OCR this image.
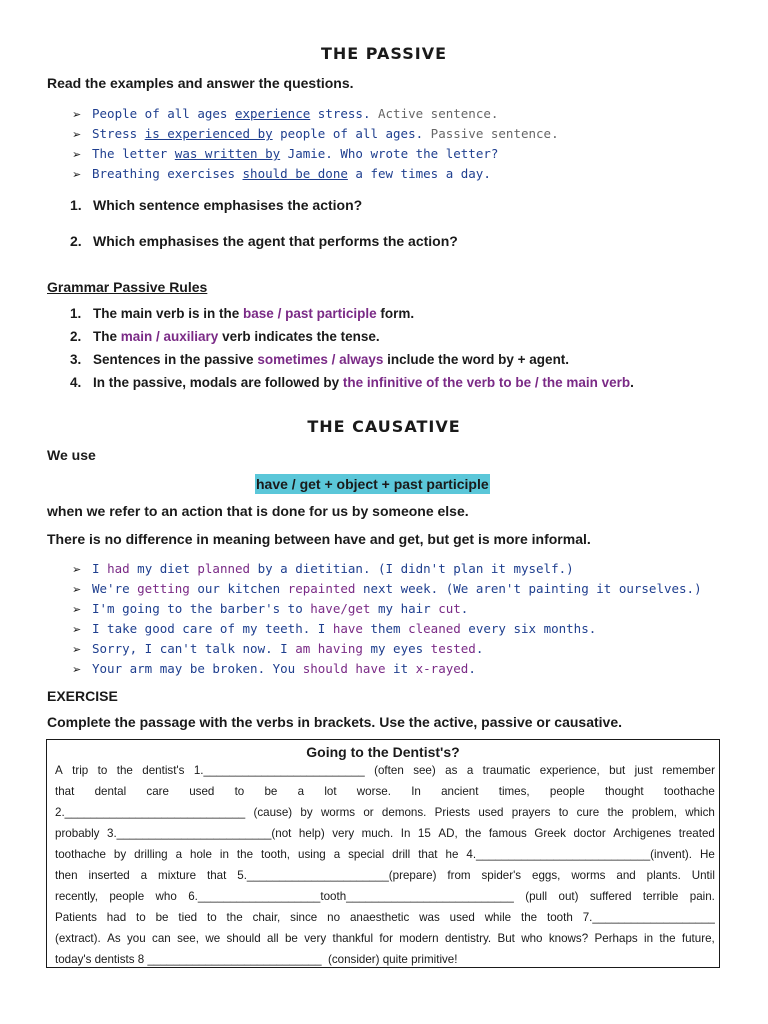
THE PASSIVE
Read the examples and answer the questions.
➢ People of all ages experience stress. Active sentence.
➢ Stress is experienced by people of all ages. Passive sentence.
➢ The letter was written by Jamie. Who wrote the letter?
➢ Breathing exercises should be done a few times a day.
1. Which sentence emphasises the action?
2. Which emphasises the agent that performs the action?
Grammar Passive Rules
1. The main verb is in the base / past participle form.
2. The main / auxiliary verb indicates the tense.
3. Sentences in the passive sometimes / always include the word by + agent.
4. In the passive, modals are followed by the infinitive of the verb to be / the main verb.
THE CAUSATIVE
We use
have / get + object + past participle
when we refer to an action that is done for us by someone else.
There is no difference in meaning between have and get, but get is more informal.
➢ I had my diet planned by a dietitian. (I didn't plan it myself.)
➢ We're getting our kitchen repainted next week. (We aren't painting it ourselves.)
➢ I'm going to the barber's to have/get my hair cut.
➢ I take good care of my teeth. I have them cleaned every six months.
➢ Sorry, I can't talk now. I am having my eyes tested.
➢ Your arm may be broken. You should have it x-rayed.
EXERCISE
Complete the passage with the verbs in brackets. Use the active, passive or causative.
Going to the Dentist's?
A trip to the dentist's 1._________________________ (often see) as a traumatic experience, but just remember
that dental care used to be a lot worse. In ancient times, people thought toothache
2.____________________________ (cause) by worms or demons. Priests used prayers to cure the problem, which
probably 3.________________________(not help) very much. In 15 AD, the famous Greek doctor Archigenes treated
toothache by drilling a hole in the tooth, using a special drill that he 4.___________________________(invent). He
then inserted a mixture that 5.______________________(prepare) from spider's eggs, worms and plants. Until
recently, people who 6.___________________tooth__________________________ (pull out) suffered terrible pain.
Patients had to be tied to the chair, since no anaesthetic was used while the tooth 7.___________________
(extract). As you can see, we should all be very thankful for modern dentistry. But who knows? Perhaps in the future,
today's dentists 8 ___________________________  (consider) quite primitive!
